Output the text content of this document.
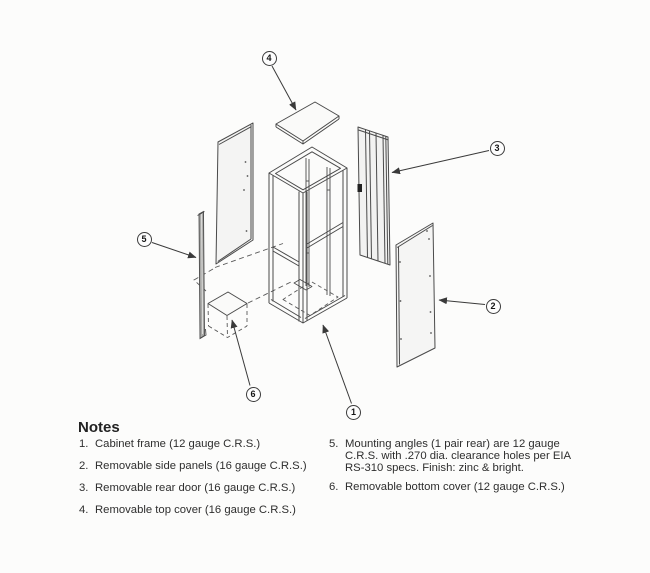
1
2
3
4
5
6
Notes
1. Cabinet frame (12 gauge C.R.S.)
2. Removable side panels (16 gauge C.R.S.)
3. Removable rear door (16 gauge C.R.S.)
4. Removable top cover (16 gauge C.R.S.)
5. Mounting angles (1 pair rear) are 12 gauge C.R.S. with .270 dia. clearance holes per EIA RS-310 specs. Finish: zinc & bright.
6. Removable bottom cover (12 gauge C.R.S.)
